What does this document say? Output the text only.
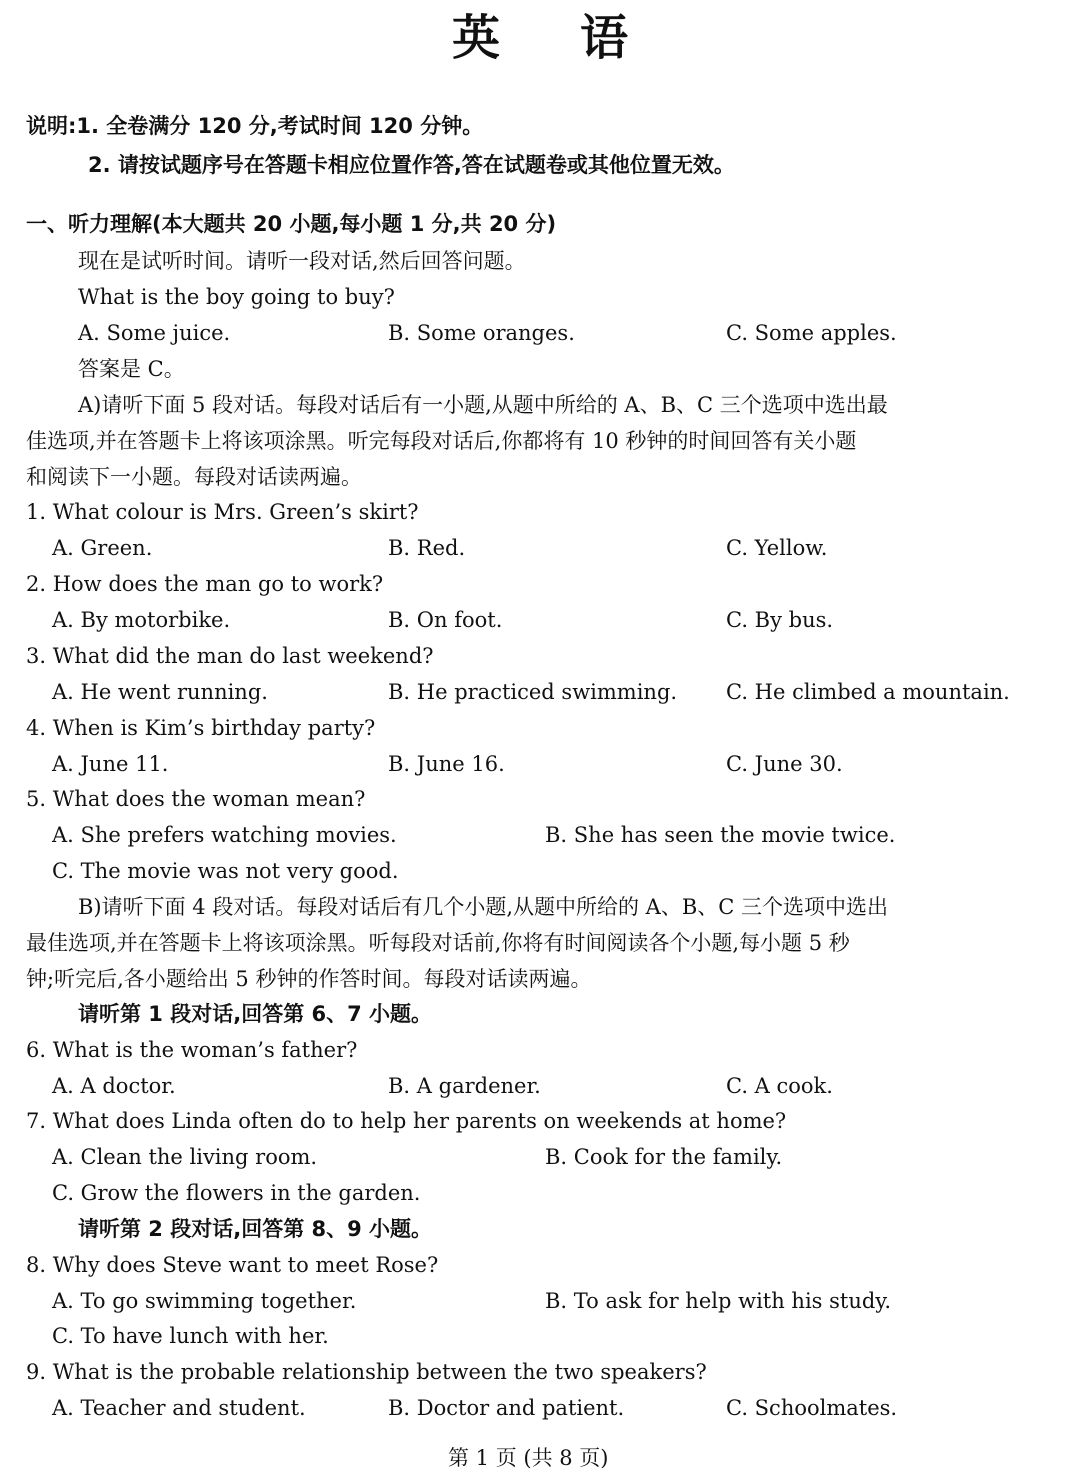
英 语
说明:1. 全卷满分 120 分,考试时间 120 分钟。
2. 请按试题序号在答题卡相应位置作答,答在试题卷或其他位置无效。
一、听力理解(本大题共 20 小题,每小题 1 分,共 20 分)
现在是试听时间。请听一段对话,然后回答问题。
What is the boy going to buy?
A. Some juice.	B. Some oranges.	C. Some apples.
答案是 C。
A)请听下面 5 段对话。每段对话后有一小题,从题中所给的 A、B、C 三个选项中选出最
佳选项,并在答题卡上将该项涂黑。听完每段对话后,你都将有 10 秒钟的时间回答有关小题
和阅读下一小题。每段对话读两遍。
1. What colour is Mrs. Green’s skirt?
A. Green.	B. Red.	C. Yellow.
2. How does the man go to work?
A. By motorbike.	B. On foot.	C. By bus.
3. What did the man do last weekend?
A. He went running.	B. He practiced swimming. C. He climbed a mountain.
4. When is Kim’s birthday party?
A. June 11.	B. June 16.	C. June 30.
5. What does the woman mean?
A. She prefers watching movies.	B. She has seen the movie twice.
C. The movie was not very good.
B)请听下面 4 段对话。每段对话后有几个小题,从题中所给的 A、B、C 三个选项中选出
最佳选项,并在答题卡上将该项涂黑。听每段对话前,你将有时间阅读各个小题,每小题 5 秒
钟;听完后,各小题给出 5 秒钟的作答时间。每段对话读两遍。
请听第 1 段对话,回答第 6、7 小题。
6. What is the woman’s father?
A. A doctor.	B. A gardener.	C. A cook.
7. What does Linda often do to help her parents on weekends at home?
A. Clean the living room.	B. Cook for the family.
C. Grow the flowers in the garden.
请听第 2 段对话,回答第 8、9 小题。
8. Why does Steve want to meet Rose?
A. To go swimming together.	B. To ask for help with his study.
C. To have lunch with her.
9. What is the probable relationship between the two speakers?
A. Teacher and student.	B. Doctor and patient.	C. Schoolmates.
第 1 页 (共 8 页)
